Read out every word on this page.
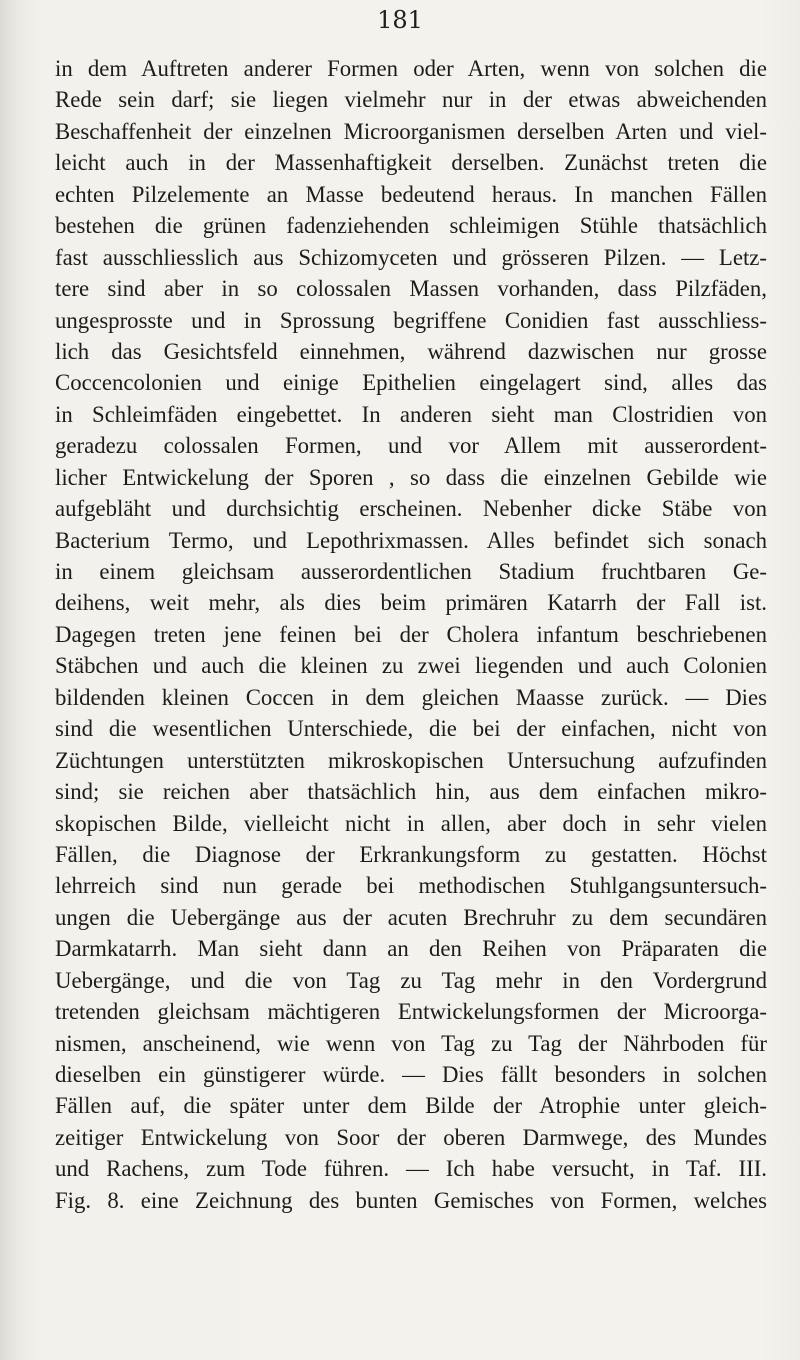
181
in dem Auftreten anderer Formen oder Arten, wenn von solchen die
Rede sein darf; sie liegen vielmehr nur in der etwas abweichenden
Beschaffenheit der einzelnen Microorganismen derselben Arten und viel-
leicht auch in der Massenhaftigkeit derselben. Zunächst treten die
echten Pilzelemente an Masse bedeutend heraus. In manchen Fällen
bestehen die grünen fadenziehenden schleimigen Stühle thatsächlich
fast ausschliesslich aus Schizomyceten und grösseren Pilzen. — Letz-
tere sind aber in so colossalen Massen vorhanden, dass Pilzfäden,
ungesprosste und in Sprossung begriffene Conidien fast ausschliess-
lich das Gesichtsfeld einnehmen, während dazwischen nur grosse
Coccencolonien und einige Epithelien eingelagert sind, alles das
in Schleimfäden eingebettet. In anderen sieht man Clostridien von
geradezu colossalen Formen, und vor Allem mit ausserordent-
licher Entwickelung der Sporen , so dass die einzelnen Gebilde wie
aufgebläht und durchsichtig erscheinen. Nebenher dicke Stäbe von
Bacterium Termo, und Lepothrixmassen. Alles befindet sich sonach
in einem gleichsam ausserordentlichen Stadium fruchtbaren Ge-
deihens, weit mehr, als dies beim primären Katarrh der Fall ist.
Dagegen treten jene feinen bei der Cholera infantum beschriebenen
Stäbchen und auch die kleinen zu zwei liegenden und auch Colonien
bildenden kleinen Coccen in dem gleichen Maasse zurück. — Dies
sind die wesentlichen Unterschiede, die bei der einfachen, nicht von
Züchtungen unterstützten mikroskopischen Untersuchung aufzufinden
sind; sie reichen aber thatsächlich hin, aus dem einfachen mikro-
skopischen Bilde, vielleicht nicht in allen, aber doch in sehr vielen
Fällen, die Diagnose der Erkrankungsform zu gestatten. Höchst
lehrreich sind nun gerade bei methodischen Stuhlgangsuntersuch-
ungen die Uebergänge aus der acuten Brechruhr zu dem secundären
Darmkatarrh. Man sieht dann an den Reihen von Präparaten die
Uebergänge, und die von Tag zu Tag mehr in den Vordergrund
tretenden gleichsam mächtigeren Entwickelungsformen der Microorga-
nismen, anscheinend, wie wenn von Tag zu Tag der Nährboden für
dieselben ein günstigerer würde. — Dies fällt besonders in solchen
Fällen auf, die später unter dem Bilde der Atrophie unter gleich-
zeitiger Entwickelung von Soor der oberen Darmwege, des Mundes
und Rachens, zum Tode führen. — Ich habe versucht, in Taf. III.
Fig. 8. eine Zeichnung des bunten Gemisches von Formen, welches
